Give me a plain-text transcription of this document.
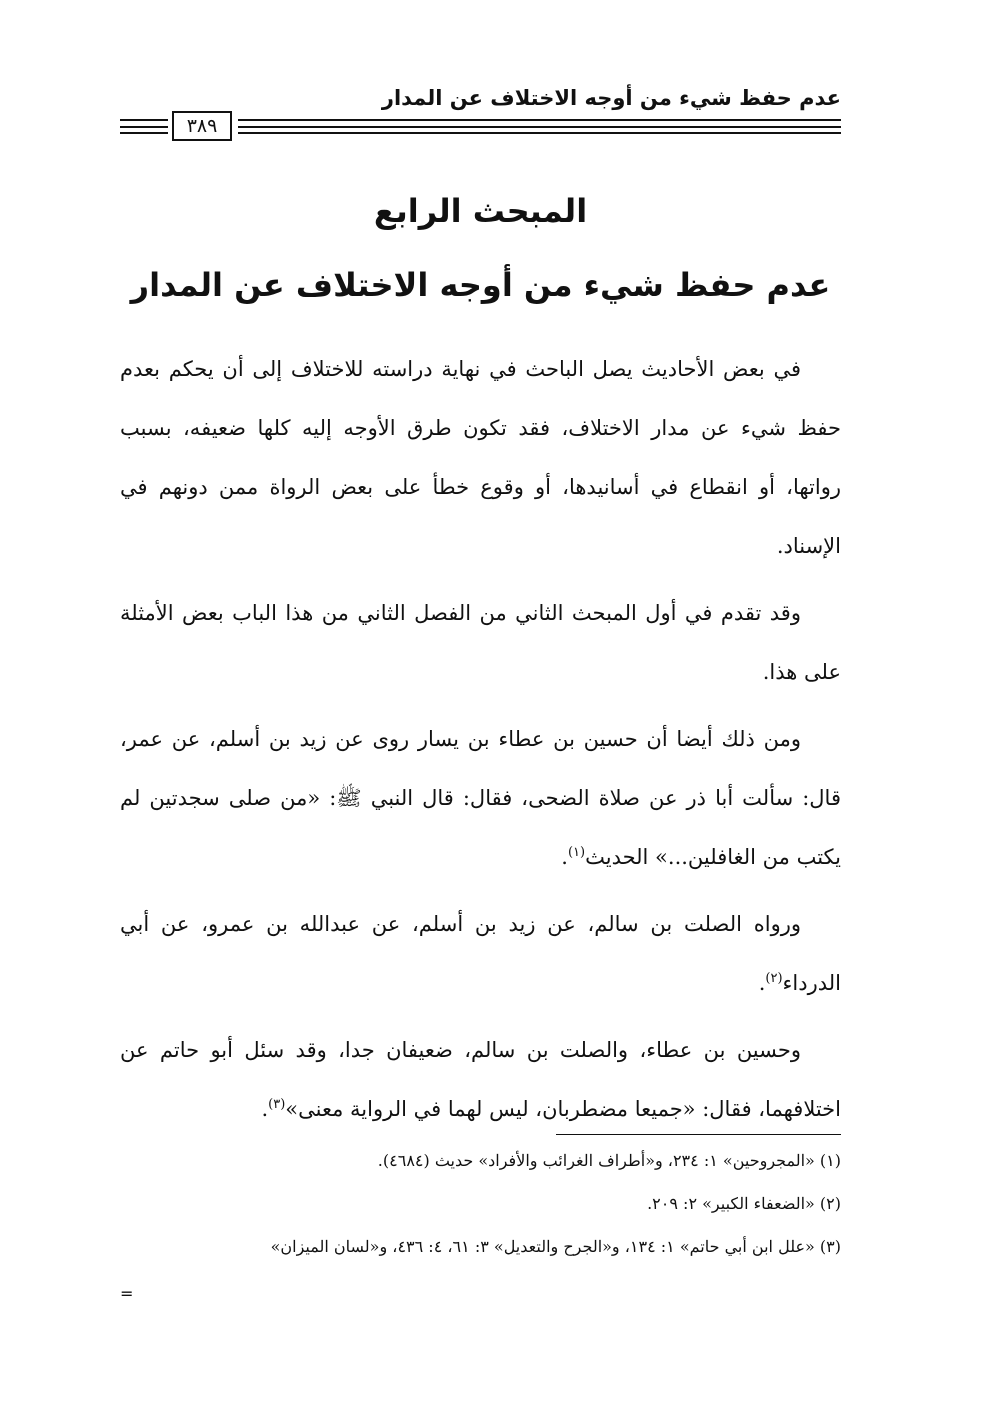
عدم حفظ شيء من أوجه الاختلاف عن المدار
٣٨٩
المبحث الرابع
عدم حفظ شيء من أوجه الاختلاف عن المدار

في بعض الأحاديث يصل الباحث في نهاية دراسته للاختلاف إلى أن يحكم بعدم حفظ شيء عن مدار الاختلاف، فقد تكون طرق الأوجه إليه كلها ضعيفه، بسبب رواتها، أو انقطاع في أسانيدها، أو وقوع خطأ على بعض الرواة ممن دونهم في الإسناد.

وقد تقدم في أول المبحث الثاني من الفصل الثاني من هذا الباب بعض الأمثلة على هذا.

ومن ذلك أيضا أن حسين بن عطاء بن يسار روى عن زيد بن أسلم، عن عمر، قال: سألت أبا ذر عن صلاة الضحى، فقال: قال النبي ﷺ: «من صلى سجدتين لم يكتب من الغافلين...» الحديث$^{(١)}$.

ورواه الصلت بن سالم، عن زيد بن أسلم، عن عبدالله بن عمرو، عن أبي الدرداء$^{(٢)}$.

وحسين بن عطاء، والصلت بن سالم، ضعيفان جدا، وقد سئل أبو حاتم عن اختلافهما، فقال: «جميعا مضطربان، ليس لهما في الرواية معنى»$^{(٣)}$.

(١) «المجروحين» ١: ٢٣٤، و«أطراف الغرائب والأفراد» حديث (٤٦٨٤).
(٢) «الضعفاء الكبير» ٢: ٢٠٩.
(٣) «علل ابن أبي حاتم» ١: ١٣٤، و«الجرح والتعديل» ٣: ٦١، ٤: ٤٣٦، و«لسان الميزان»
=
